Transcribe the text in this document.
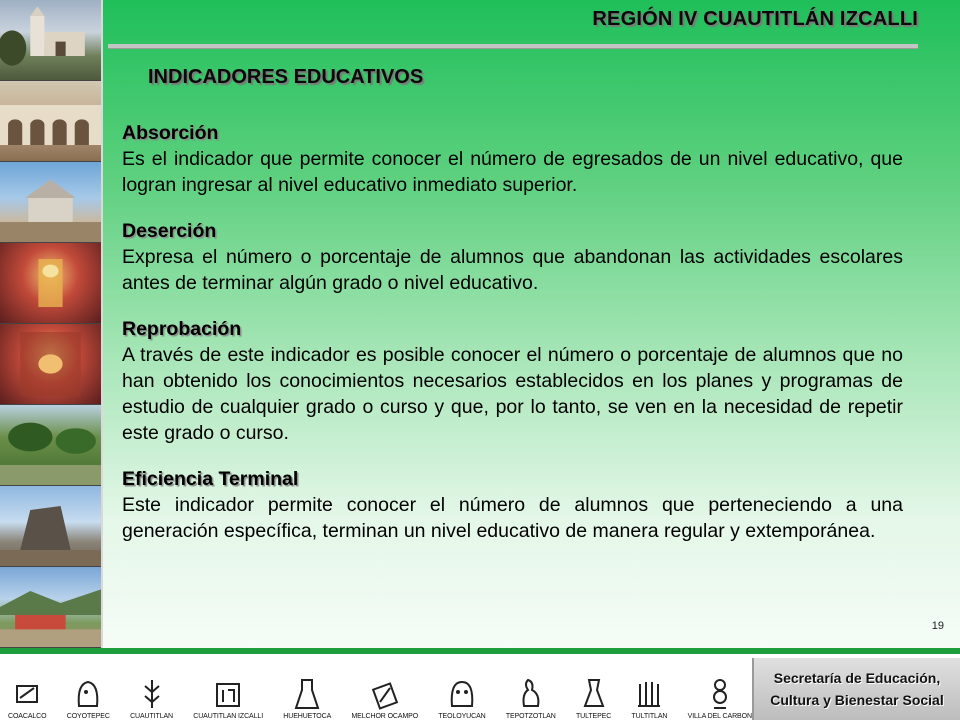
REGIÓN IV CUAUTITLÁN IZCALLI
INDICADORES EDUCATIVOS
Absorción
Es el indicador que permite conocer el número de egresados de un nivel educativo, que logran ingresar al nivel educativo inmediato superior.
Deserción
Expresa el número o porcentaje de alumnos que abandonan las actividades escolares antes de terminar algún grado o nivel educativo.
Reprobación
A través de este indicador es posible conocer el número o porcentaje de alumnos que no han obtenido los conocimientos necesarios establecidos en los planes y programas de estudio de cualquier grado o curso y que, por lo tanto, se ven en la necesidad de repetir este grado o curso.
Eficiencia Terminal
Este indicador permite conocer el número de alumnos que perteneciendo a una generación específica, terminan un nivel educativo de manera regular y extemporánea.
19
COACALCO	COYOTEPEC	CUAUTITLAN	CUAUTITLAN IZCALLI	HUEHUETOCA	MELCHOR OCAMPO	TEOLOYUCAN	TEPOTZOTLAN	TULTEPEC	TULTITLAN	VILLA DEL CARBON
Secretaría de Educación,
Cultura y Bienestar Social
